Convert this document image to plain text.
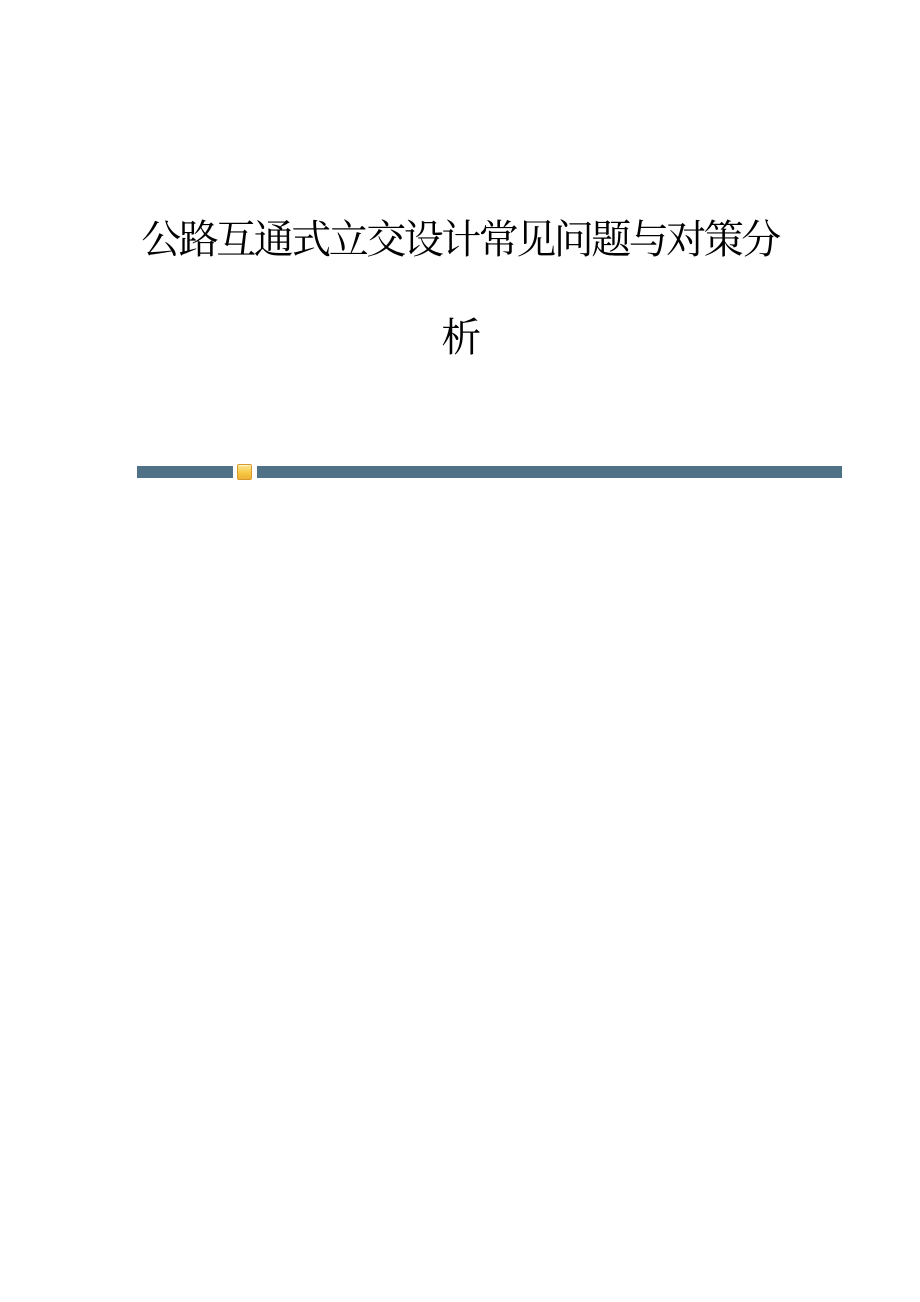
公路互通式立交设计常见问题与对策分
析
